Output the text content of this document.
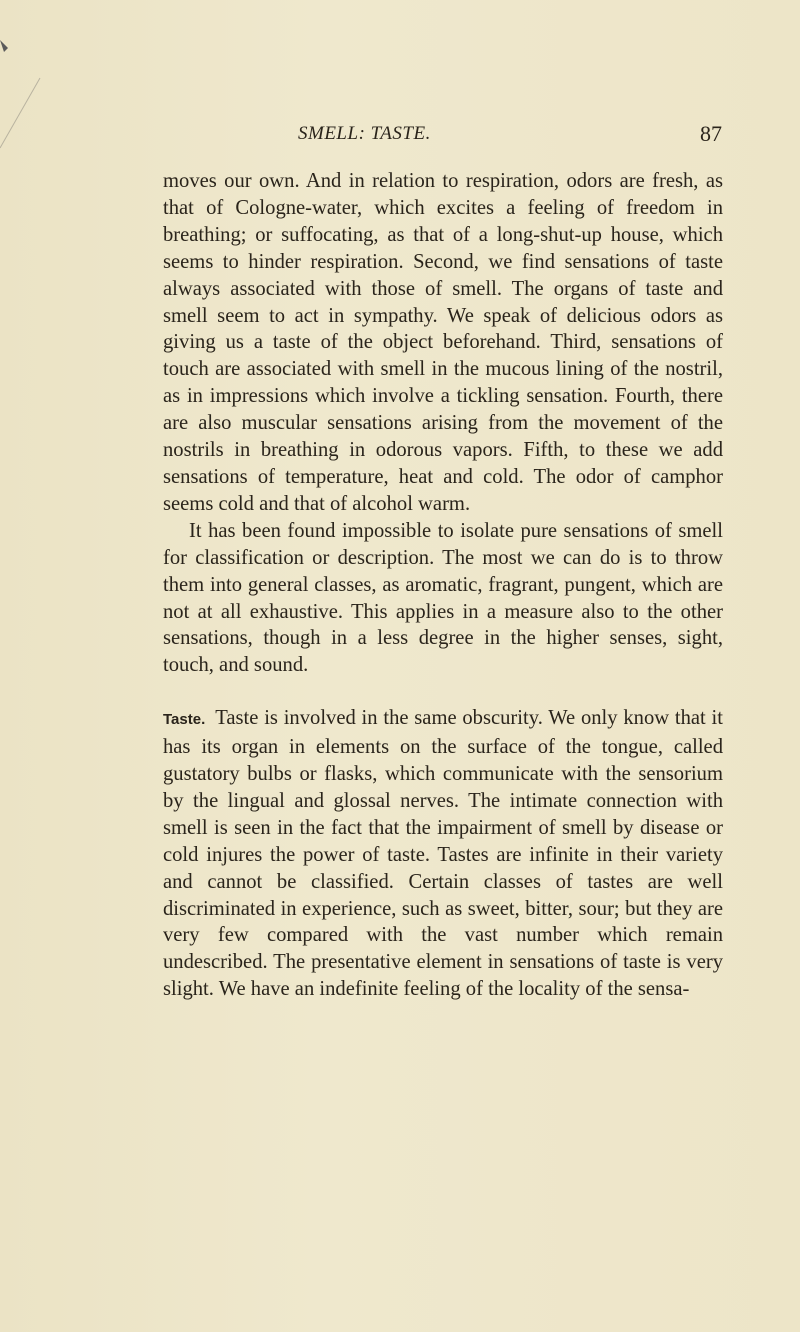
SMELL: TASTE.	87

moves our own. And in relation to respiration, odors are fresh, as that of Cologne-water, which excites a feeling of freedom in breathing; or suffocating, as that of a long-shut-up house, which seems to hinder respiration. Second, we find sensations of taste always associated with those of smell. The organs of taste and smell seem to act in sympathy. We speak of delicious odors as giving us a taste of the object beforehand. Third, sensations of touch are associated with smell in the mucous lining of the nostril, as in impressions which involve a tickling sensation. Fourth, there are also muscular sensations arising from the movement of the nostrils in breathing in odorous vapors. Fifth, to these we add sensations of temperature, heat and cold. The odor of camphor seems cold and that of alcohol warm.

It has been found impossible to isolate pure sensations of smell for classification or description. The most we can do is to throw them into general classes, as aromatic, fragrant, pungent, which are not at all exhaustive. This applies in a measure also to the other sensations, though in a less degree in the higher senses, sight, touch, and sound.

Taste. Taste is involved in the same obscurity. We only know that it has its organ in elements on the surface of the tongue, called gustatory bulbs or flasks, which communicate with the sensorium by the lingual and glossal nerves. The intimate connection with smell is seen in the fact that the impairment of smell by disease or cold injures the power of taste. Tastes are infinite in their variety and cannot be classified. Certain classes of tastes are well discriminated in experience, such as sweet, bitter, sour; but they are very few compared with the vast number which remain undescribed. The presentative element in sensations of taste is very slight. We have an indefinite feeling of the locality of the sensa-
